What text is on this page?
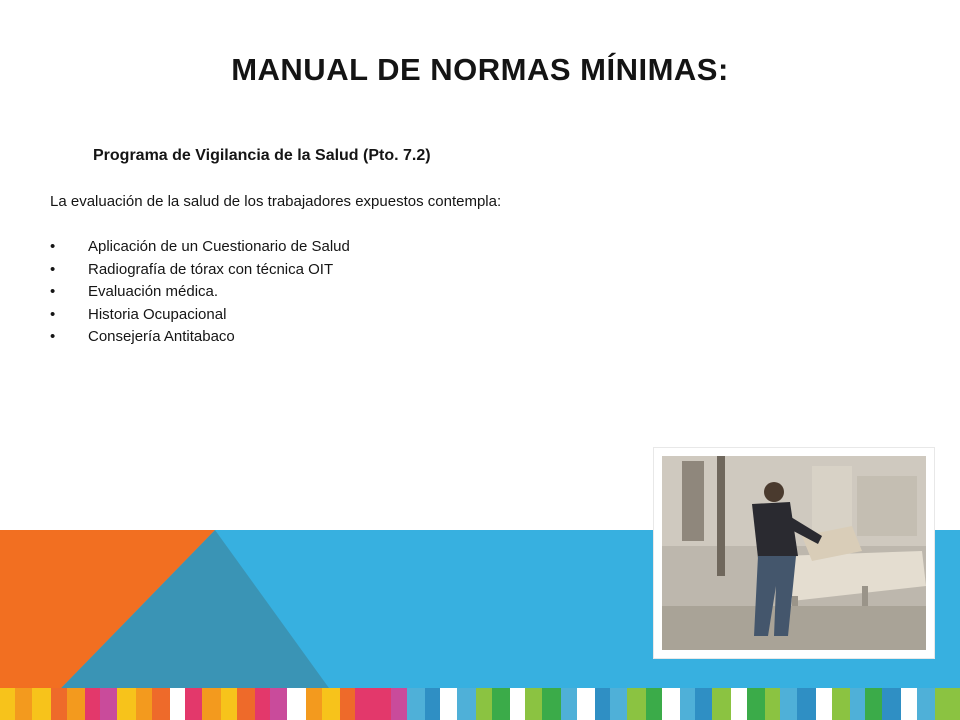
MANUAL DE NORMAS MÍNIMAS:
Programa de Vigilancia de la Salud (Pto. 7.2)
La evaluación de la salud de los trabajadores expuestos contempla:
• Aplicación de un Cuestionario de Salud
• Radiografía de tórax con técnica OIT
• Evaluación médica.
• Historia Ocupacional
• Consejería Antitabaco
